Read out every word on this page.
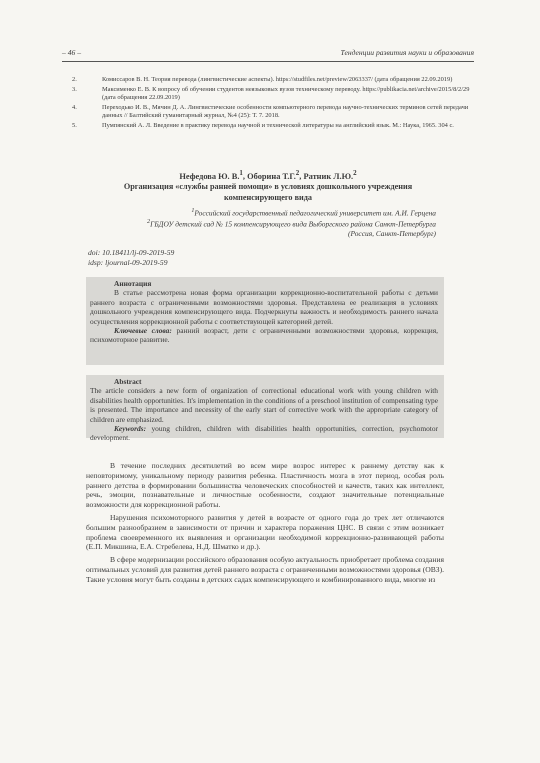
– 46 –	Тенденции развития науки и образования
2.	Комиссаров В. Н. Теория перевода (лингвистические аспекты). https://studfiles.net/preview/2063337/ (дата обращения 22.09.2019)
3.	Максименко Е. В. К вопросу об обучении студентов неязыковых вузов техническому переводу. https://publikacia.net/archive/2015/8/2/29 (дата обращения 22.09.2019)
4.	Переходько И. В., Мячин Д. А. Лингвистические особенности компьютерного перевода научно-технических терминов сетей передачи данных // Балтийский гуманитарный журнал, №4 (25): Т. 7. 2018.
5.	Пумпянский А. Л. Введение в практику перевода научной и технической литературы на английский язык. М.: Наука, 1965. 304 с.
Нефедова Ю. В.$^1$, Оборина Т.Г.$^2$, Ратник Л.Ю.$^2$
Организация «службы ранней помощи» в условиях дошкольного учреждения
компенсирующего вида
$^1$Российский государственный педагогический университет им. А.И. Герцена
$^2$ГБДОУ детский сад № 15 компенсирующего вида Выборгского района Санкт-Петербурга
(Россия, Санкт-Петербург)
doi: 10.18411/lj-09-2019-59
idsp: ljournal-09-2019-59
Аннотация
В статье рассмотрена новая форма организации коррекционно-воспитательной работы с детьми раннего возраста с ограниченными возможностями здоровья. Представлена ее реализация в условиях дошкольного учреждения компенсирующего вида. Подчеркнуты важность и необходимость раннего начала осуществления коррекционной работы с соответствующей категорией детей.
Ключевые слова: ранний возраст, дети с ограниченными возможностями здоровья, коррекция, психомоторное развитие.
Abstract
The article considers a new form of organization of correctional educational work with young children with disabilities health opportunities. It's implementation in the conditions of a preschool institution of compensating type is presented. The importance and necessity of the early start of corrective work with the appropriate category of children are emphasized.
Keywords: young children, children with disabilities health opportunities, correction, psychomotor development.

В течение последних десятилетий во всем мире возрос интерес к раннему детству как к неповторимому, уникальному периоду развития ребенка. Пластичность мозга в этот период, особая роль раннего детства в формировании большинства человеческих способностей и качеств, таких как интеллект, речь, эмоции, познавательные и личностные особенности, создают значительные потенциальные возможности для коррекционной работы.

Нарушения психомоторного развития у детей в возрасте от одного года до трех лет отличаются большим разнообразием в зависимости от причин и характера поражения ЦНС. В связи с этим возникает проблема своевременного их выявления и организации необходимой коррекционно-развивающей работы (Е.П. Микшина, Е.А. Стребелева, Н.Д. Шматко и др.).

В сфере модернизации российского образования особую актуальность приобретает проблема создания оптимальных условий для развития детей раннего возраста с ограниченными возможностями здоровья (ОВЗ). Такие условия могут быть созданы в детских садах компенсирующего и комбинированного вида, многие из
